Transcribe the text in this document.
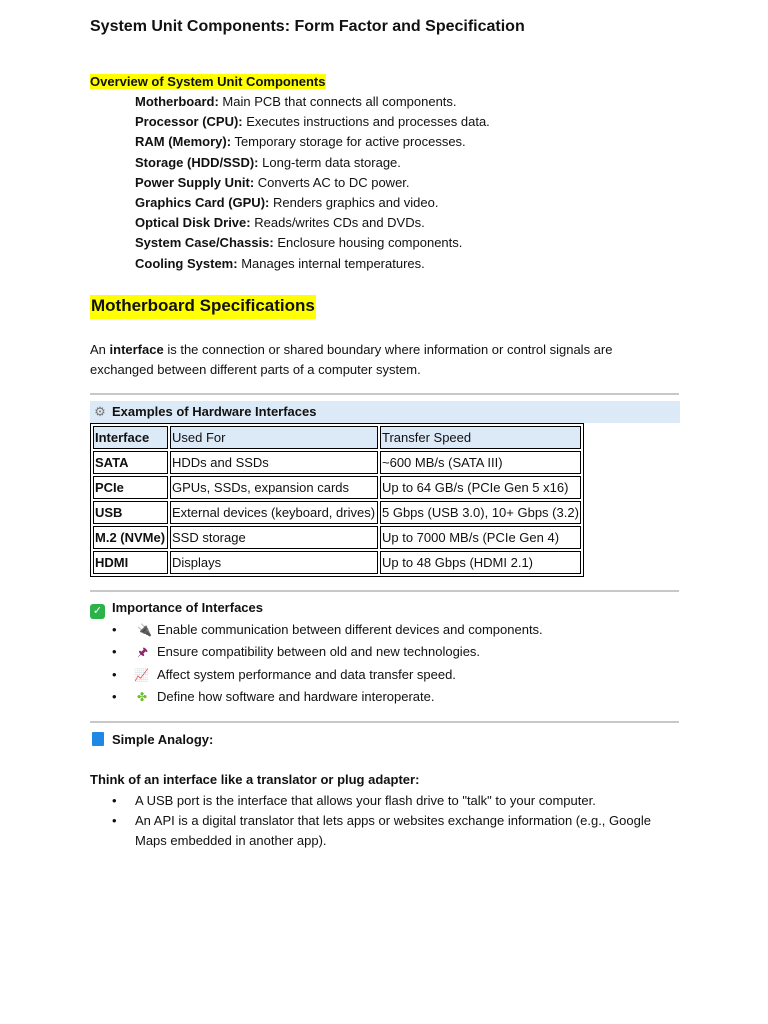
System Unit Components: Form Factor and Specification
Overview of System Unit Components
Motherboard: Main PCB that connects all components.
Processor (CPU): Executes instructions and processes data.
RAM (Memory): Temporary storage for active processes.
Storage (HDD/SSD): Long-term data storage.
Power Supply Unit: Converts AC to DC power.
Graphics Card (GPU): Renders graphics and video.
Optical Disk Drive: Reads/writes CDs and DVDs.
System Case/Chassis: Enclosure housing components.
Cooling System: Manages internal temperatures.
Motherboard Specifications
An interface is the connection or shared boundary where information or control signals are exchanged between different parts of a computer system.
⚙ Examples of Hardware Interfaces
Interface	Used For	Transfer Speed
SATA	HDDs and SSDs	~600 MB/s (SATA III)
PCIe	GPUs, SSDs, expansion cards	Up to 64 GB/s (PCIe Gen 5 x16)
USB	External devices (keyboard, drives)	5 Gbps (USB 3.0), 10+ Gbps (3.2)
M.2 (NVMe)	SSD storage	Up to 7000 MB/s (PCIe Gen 4)
HDMI	Displays	Up to 48 Gbps (HDMI 2.1)
✓ Importance of Interfaces
• 🔌 Enable communication between different devices and components.
• 🖈 Ensure compatibility between old and new technologies.
• 📈 Affect system performance and data transfer speed.
• ✤ Define how software and hardware interoperate.
Simple Analogy:
Think of an interface like a translator or plug adapter:
• A USB port is the interface that allows your flash drive to "talk" to your computer.
• An API is a digital translator that lets apps or websites exchange information (e.g., Google Maps embedded in another app).
